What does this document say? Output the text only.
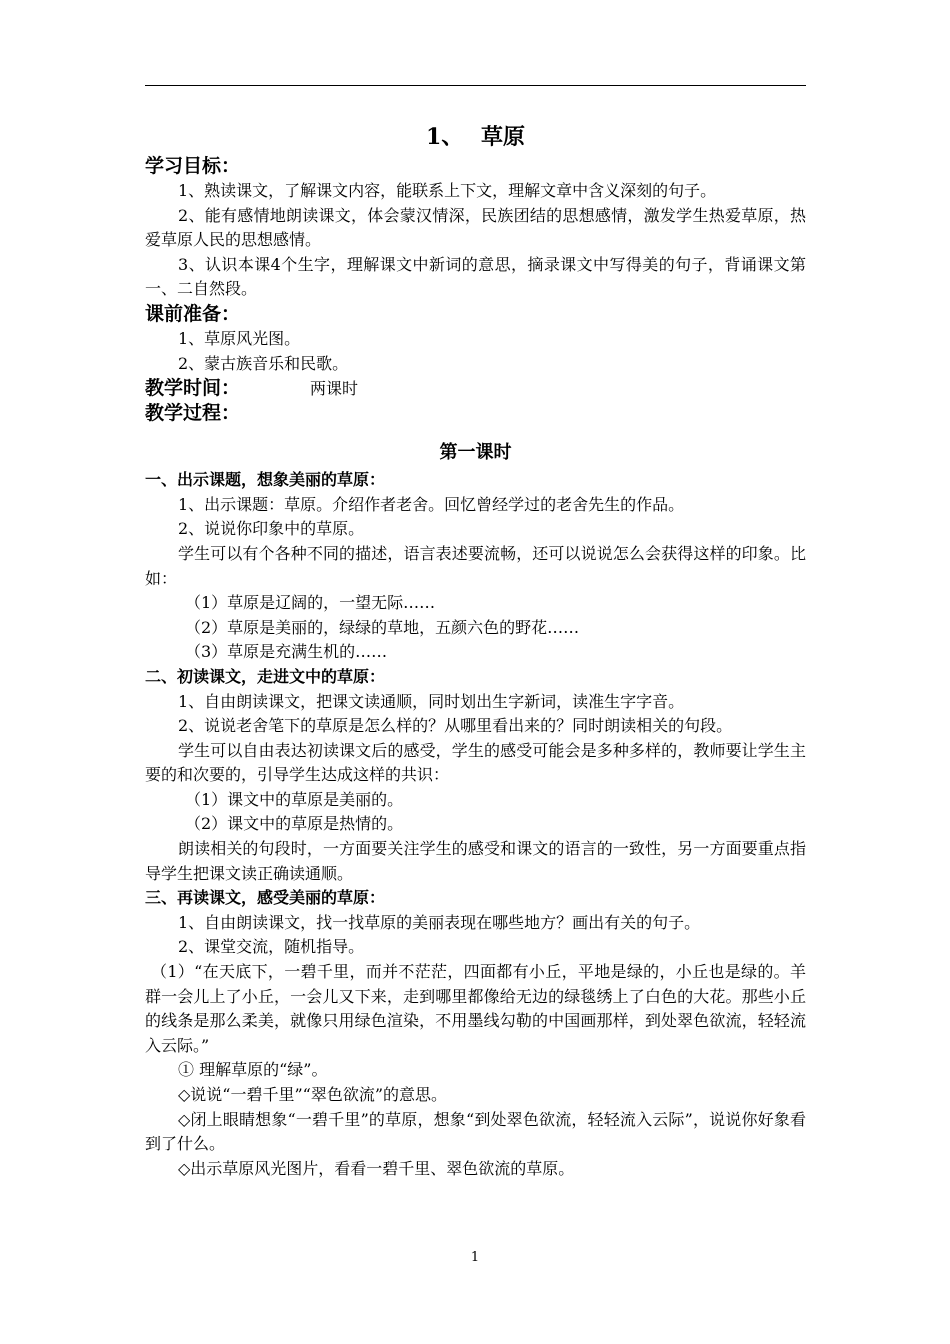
1、 草原

学习目标：

1、熟读课文，了解课文内容，能联系上下文，理解文章中含义深刻的句子。

2、能有感情地朗读课文，体会蒙汉情深，民族团结的思想感情，激发学生热爱草原，热爱草原人民的思想感情。

3、认识本课4个生字，理解课文中新词的意思，摘录课文中写得美的句子，背诵课文第一、二自然段。

课前准备：

1、草原风光图。

2、蒙古族音乐和民歌。

教学时间：	两课时

教学过程：

第一课时

一、出示课题，想象美丽的草原：

1、出示课题：草原。介绍作者老舍。回忆曾经学过的老舍先生的作品。

2、说说你印象中的草原。

学生可以有个各种不同的描述，语言表述要流畅，还可以说说怎么会获得这样的印象。比如：

（1）草原是辽阔的，一望无际……

（2）草原是美丽的，绿绿的草地，五颜六色的野花……

（3）草原是充满生机的……

二、初读课文，走进文中的草原：

1、自由朗读课文，把课文读通顺，同时划出生字新词，读准生字字音。

2、说说老舍笔下的草原是怎么样的？从哪里看出来的？同时朗读相关的句段。

学生可以自由表达初读课文后的感受，学生的感受可能会是多种多样的，教师要让学生主要的和次要的，引导学生达成这样的共识：

（1）课文中的草原是美丽的。

（2）课文中的草原是热情的。

朗读相关的句段时，一方面要关注学生的感受和课文的语言的一致性，另一方面要重点指导学生把课文读正确读通顺。

三、再读课文，感受美丽的草原：

1、自由朗读课文，找一找草原的美丽表现在哪些地方？画出有关的句子。

2、课堂交流，随机指导。

（1）“在天底下，一碧千里，而并不茫茫，四面都有小丘，平地是绿的，小丘也是绿的。羊群一会儿上了小丘，一会儿又下来，走到哪里都像给无边的绿毯绣上了白色的大花。那些小丘的线条是那么柔美，就像只用绿色渲染，不用墨线勾勒的中国画那样，到处翠色欲流，轻轻流入云际。”

① 理解草原的“绿”。

◇说说“一碧千里”“翠色欲流”的意思。

◇闭上眼睛想象“一碧千里”的草原，想象“到处翠色欲流，轻轻流入云际”，说说你好象看到了什么。

◇出示草原风光图片，看看一碧千里、翠色欲流的草原。

1
